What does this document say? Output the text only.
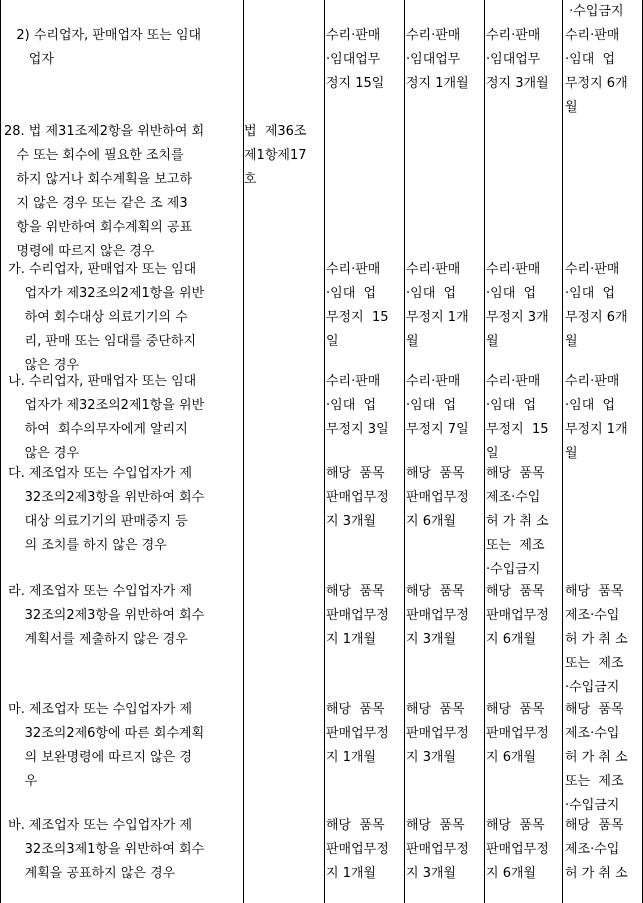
·수입금지
2) 수리업자, 판매업자 또는 임대
업자
수리·판매
·임대업무
정지 15일
수리·판매
·임대업무
정지 1개월
수리·판매
·임대업무
정지 3개월
수리·판매
·임대  업
무정지 6개
월
28. 법 제31조제2항을 위반하여 회
수 또는 회수에 필요한 조치를
하지 않거나 회수계획을 보고하
지 않은 경우 또는 같은 조 제3
항을 위반하여 회수계획의 공표
명령에 따르지 않은 경우
법  제36조
제1항제17
호
가. 수리업자, 판매업자 또는 임대
업자가 제32조의2제1항을 위반
하여 회수대상 의료기기의 수
리, 판매 또는 임대를 중단하지
않은 경우
수리·판매
·임대  업
무정지  15
일
수리·판매
·임대  업
무정지 1개
월
수리·판매
·임대  업
무정지 3개
월
수리·판매
·임대  업
무정지 6개
월
나. 수리업자, 판매업자 또는 임대
업자가 제32조의2제1항을 위반
하여  회수의무자에게 알리지
않은 경우
수리·판매
·임대  업
무정지 3일
수리·판매
·임대  업
무정지 7일
수리·판매
·임대  업
무정지  15
일
수리·판매
·임대  업
무정지 1개
월
다. 제조업자 또는 수입업자가 제
32조의2제3항을 위반하여 회수
대상 의료기기의 판매중지 등
의 조치를 하지 않은 경우
해당  품목
판매업무정
지 3개월
해당  품목
판매업무정
지 6개월
해당  품목
제조·수입
허 가 취 소
또는  제조
·수입금지
라. 제조업자 또는 수입업자가 제
32조의2제3항을 위반하여 회수
계획서를 제출하지 않은 경우
해당  품목
판매업무정
지 1개월
해당  품목
판매업무정
지 3개월
해당  품목
판매업무정
지 6개월
해당  품목
제조·수입
허 가 취 소
또는  제조
·수입금지
마. 제조업자 또는 수입업자가 제
32조의2제6항에 따른 회수계획
의 보완명령에 따르지 않은 경
우
해당  품목
판매업무정
지 1개월
해당  품목
판매업무정
지 3개월
해당  품목
판매업무정
지 6개월
해당  품목
제조·수입
허 가 취 소
또는  제조
·수입금지
바. 제조업자 또는 수입업자가 제
32조의3제1항을 위반하여 회수
계획을 공표하지 않은 경우
해당  품목
판매업무정
지 1개월
해당  품목
판매업무정
지 3개월
해당  품목
판매업무정
지 6개월
해당  품목
제조·수입
허 가 취 소
